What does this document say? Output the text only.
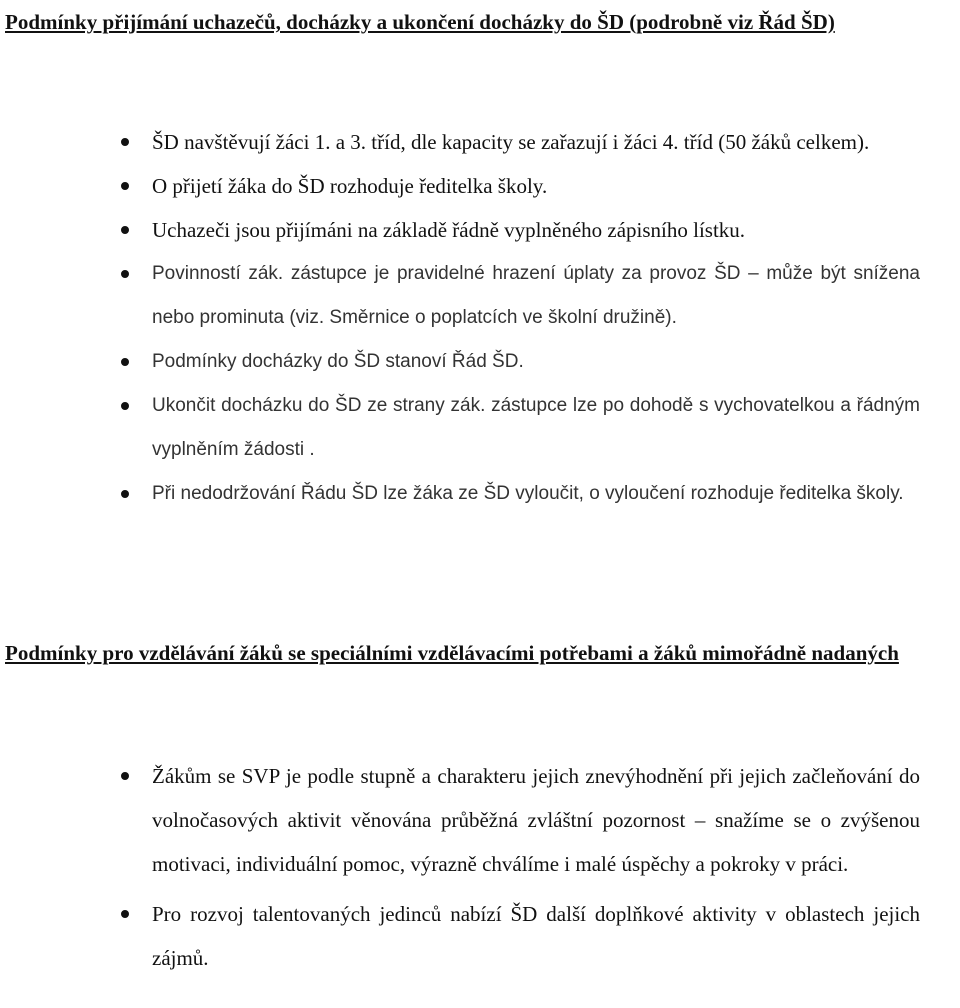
Podmínky přijímání uchazečů, docházky a ukončení docházky do ŠD (podrobně viz Řád ŠD)
ŠD navštěvují žáci 1. a 3. tříd, dle kapacity se zařazují i žáci 4. tříd (50 žáků celkem).
O přijetí žáka do ŠD rozhoduje ředitelka školy.
Uchazeči jsou přijímáni na základě řádně vyplněného zápisního lístku.
Povinností zák. zástupce je pravidelné hrazení úplaty za provoz ŠD – může být snížena nebo prominuta (viz. Směrnice o poplatcích ve školní družině).
Podmínky docházky do ŠD stanoví Řád ŠD.
Ukončit docházku do ŠD ze strany zák. zástupce lze po dohodě s vychovatelkou a řádným vyplněním žádosti .
Při nedodržování Řádu ŠD lze žáka ze ŠD vyloučit, o vyloučení rozhoduje ředitelka školy.
Podmínky pro vzdělávání žáků se speciálními vzdělávacími potřebami a žáků mimořádně nadaných
Žákům se SVP je podle stupně a charakteru jejich znevýhodnění při jejich začleňování do volnočasových aktivit věnována průběžná zvláštní pozornost – snažíme se o zvýšenou motivaci, individuální pomoc, výrazně chválíme i malé úspěchy a pokroky v práci.
Pro rozvoj talentovaných jedinců nabízí ŠD další doplňkové aktivity v oblastech jejich zájmů.
